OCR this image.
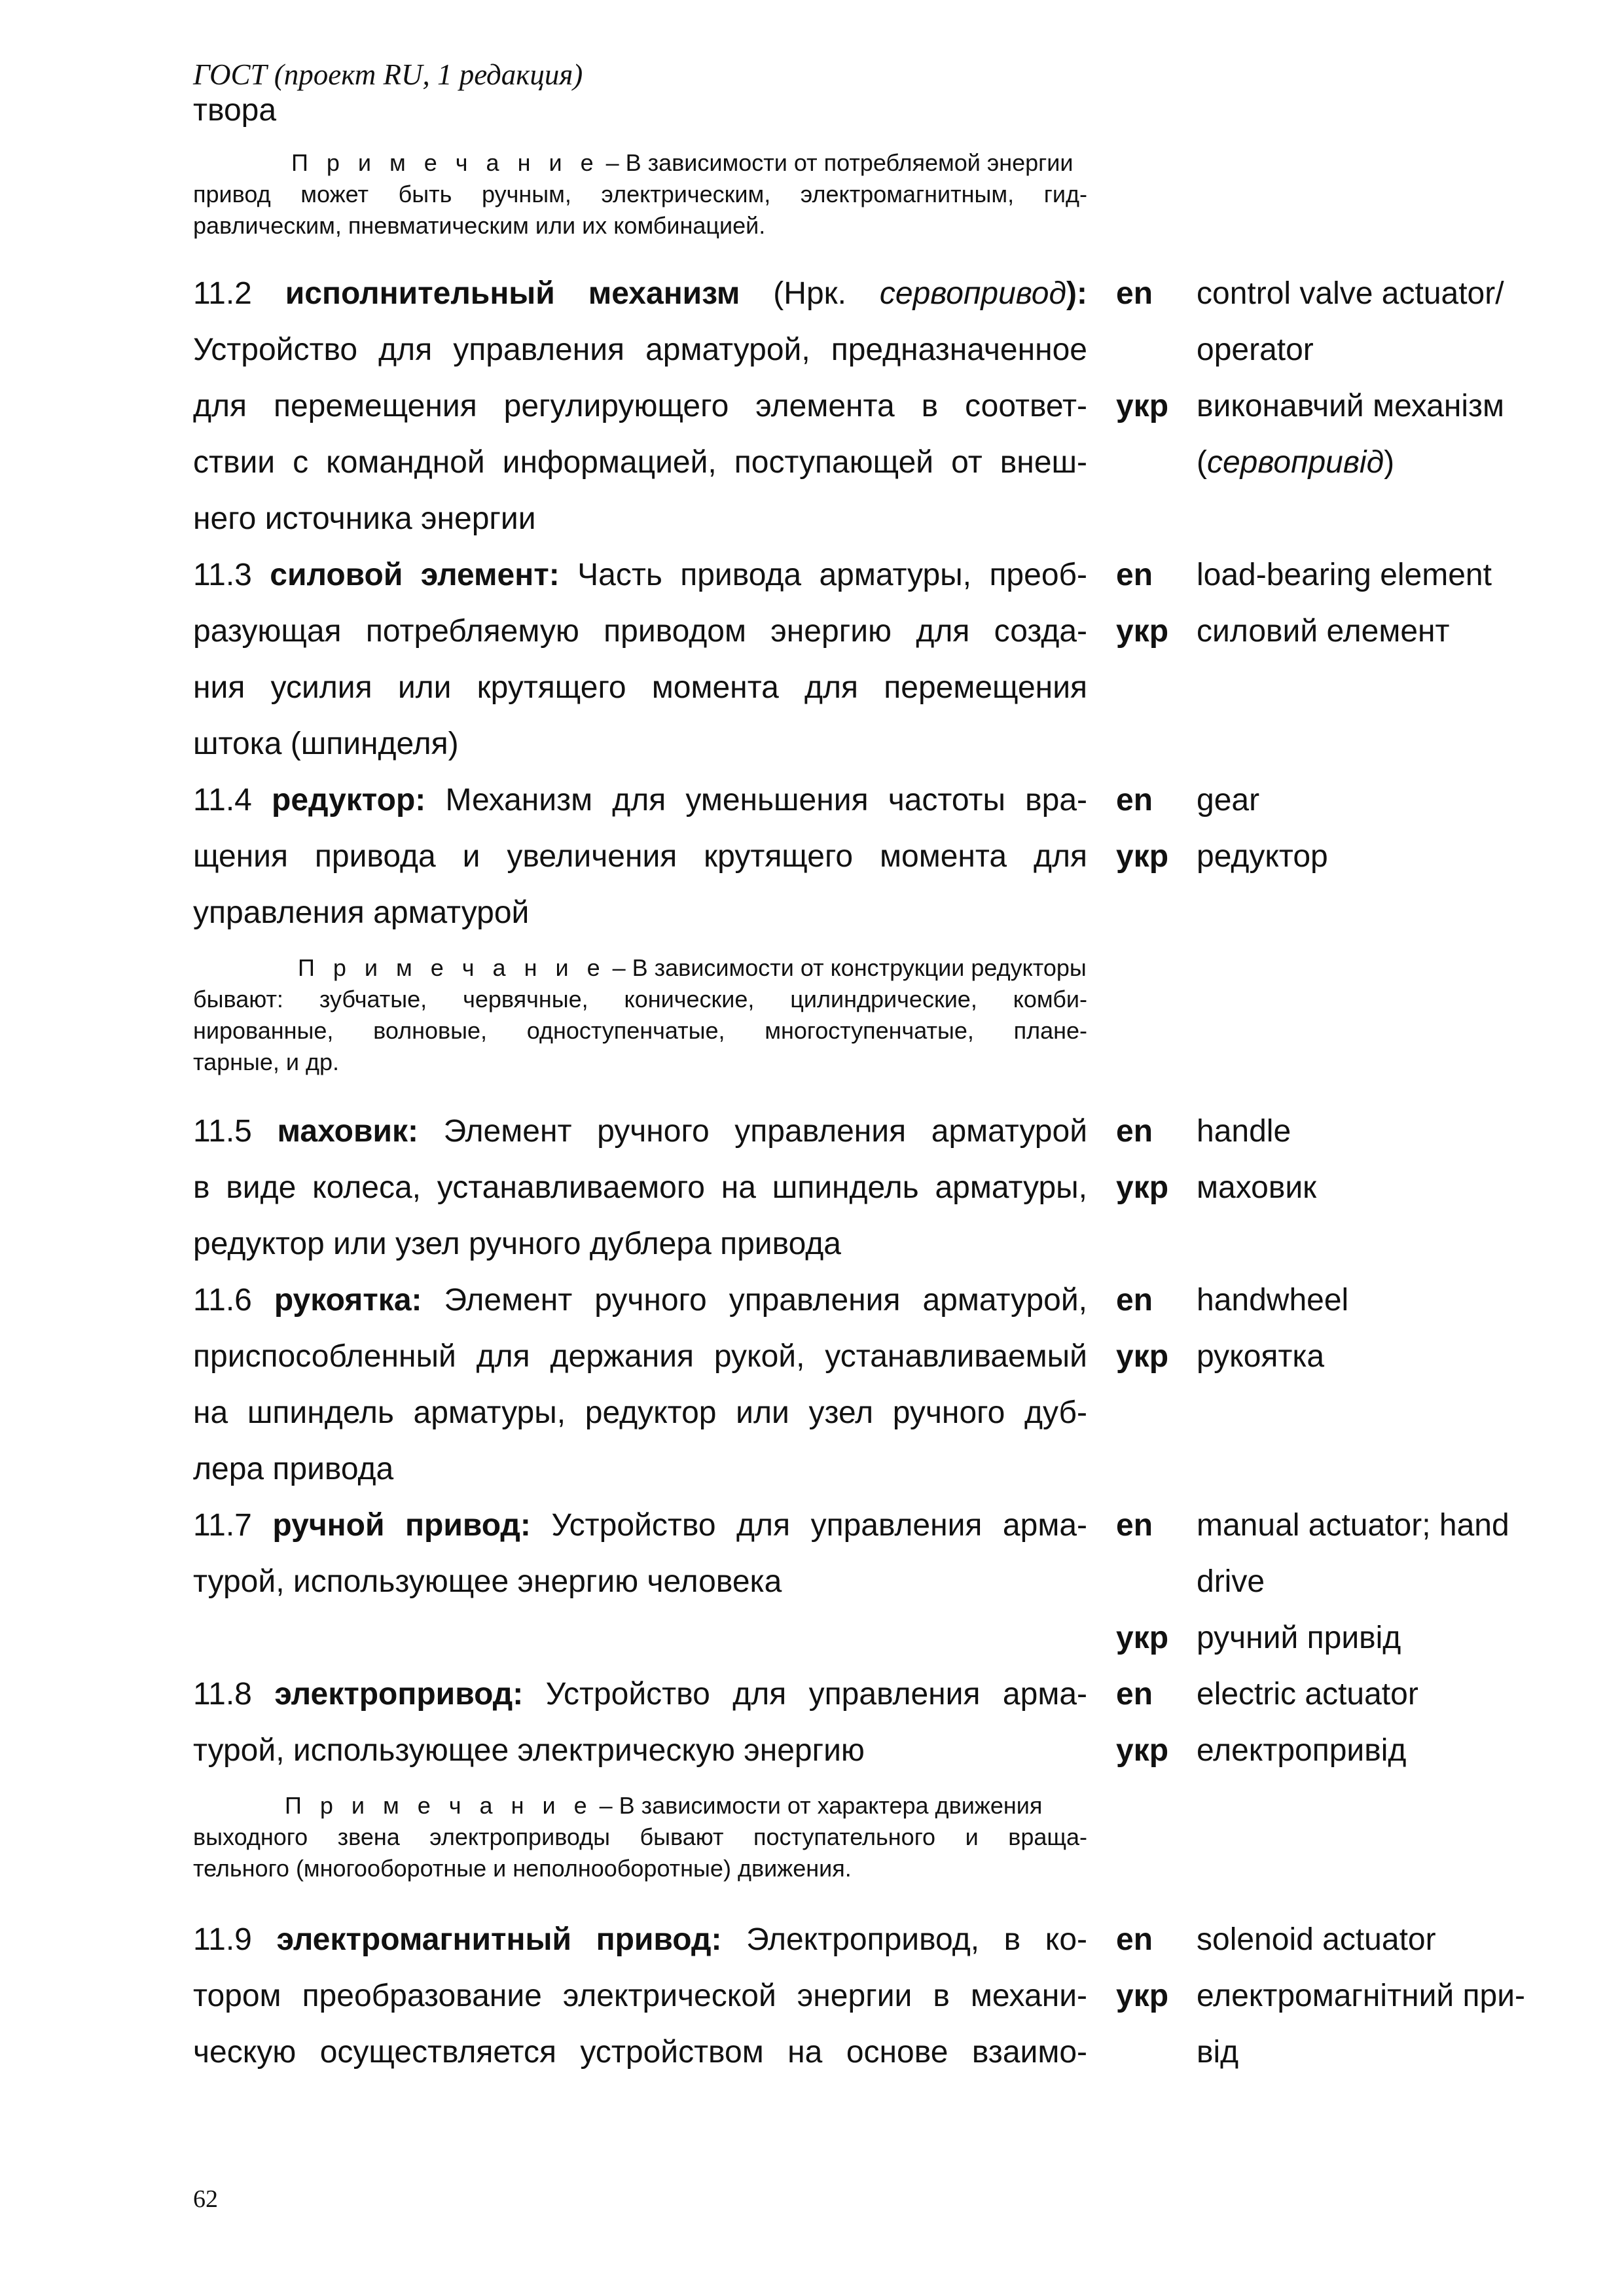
ГОСТ (проект RU, 1 редакция)
твора
П р и м е ч а н и е – В зависимости от потребляемой энергии
привод может быть ручным, электрическим, электромагнитным, гид-
равлическим, пневматическим или их комбинацией.
11.2 исполнительный механизм (Нрк. сервопривод):
Устройство для управления арматурой, предназначенное
для перемещения регулирующего элемента в соответ-
ствии с командной информацией, поступающей от внеш-
него источника энергии
en control valve actuator/
operator
укр виконавчий механізм
(сервопривід)
11.3 силовой элемент: Часть привода арматуры, преоб-
разующая потребляемую приводом энергию для созда-
ния усилия или крутящего момента для перемещения
штока (шпинделя)
en load-bearing element
укр силовий елемент
11.4 редуктор: Механизм для уменьшения частоты вра-
щения привода и увеличения крутящего момента для
управления арматурой
en gear
укр редуктор
П р и м е ч а н и е – В зависимости от конструкции редукторы
бывают: зубчатые, червячные, конические, цилиндрические, комби-
нированные, волновые, одноступенчатые, многоступенчатые, плане-
тарные, и др.
11.5 маховик: Элемент ручного управления арматурой
в виде колеса, устанавливаемого на шпиндель арматуры,
редуктор или узел ручного дублера привода
en handle
укр маховик
11.6 рукоятка: Элемент ручного управления арматурой,
приспособленный для держания рукой, устанавливаемый
на шпиндель арматуры, редуктор или узел ручного дуб-
лера привода
en handwheel
укр рукоятка
11.7 ручной привод: Устройство для управления арма-
турой, использующее энергию человека
en manual actuator; hand
drive
укр ручний привід
11.8 электропривод: Устройство для управления арма-
турой, использующее электрическую энергию
en electric actuator
укр електропривід
П р и м е ч а н и е – В зависимости от характера движения
выходного звена электроприводы бывают поступательного и враща-
тельного (многооборотные и неполнооборотные) движения.
11.9 электромагнитный привод: Электропривод, в ко-
тором преобразование электрической энергии в механи-
ческую осуществляется устройством на основе взаимо-
en solenoid actuator
укр електромагнітний при-
від
62
